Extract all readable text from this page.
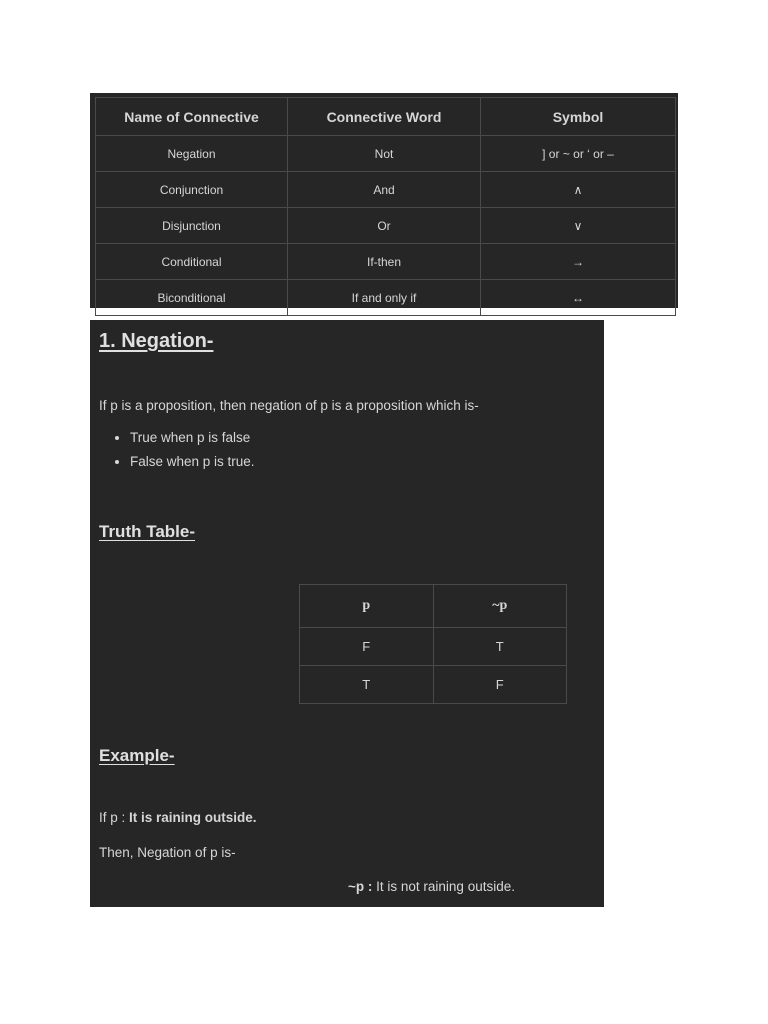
Name of Connective	Connective Word	Symbol
Negation	Not	] or ~ or ‘ or –
Conjunction	And	∧
Disjunction	Or	∨
Conditional	If-then	→
Biconditional	If and only if	↔
1. Negation-

If p is a proposition, then negation of p is a proposition which is-

• True when p is false
• False when p is true.
Truth Table-
p	~p
F	T
T	F
Example-

If p : It is raining outside.

Then, Negation of p is-

~p : It is not raining outside.
